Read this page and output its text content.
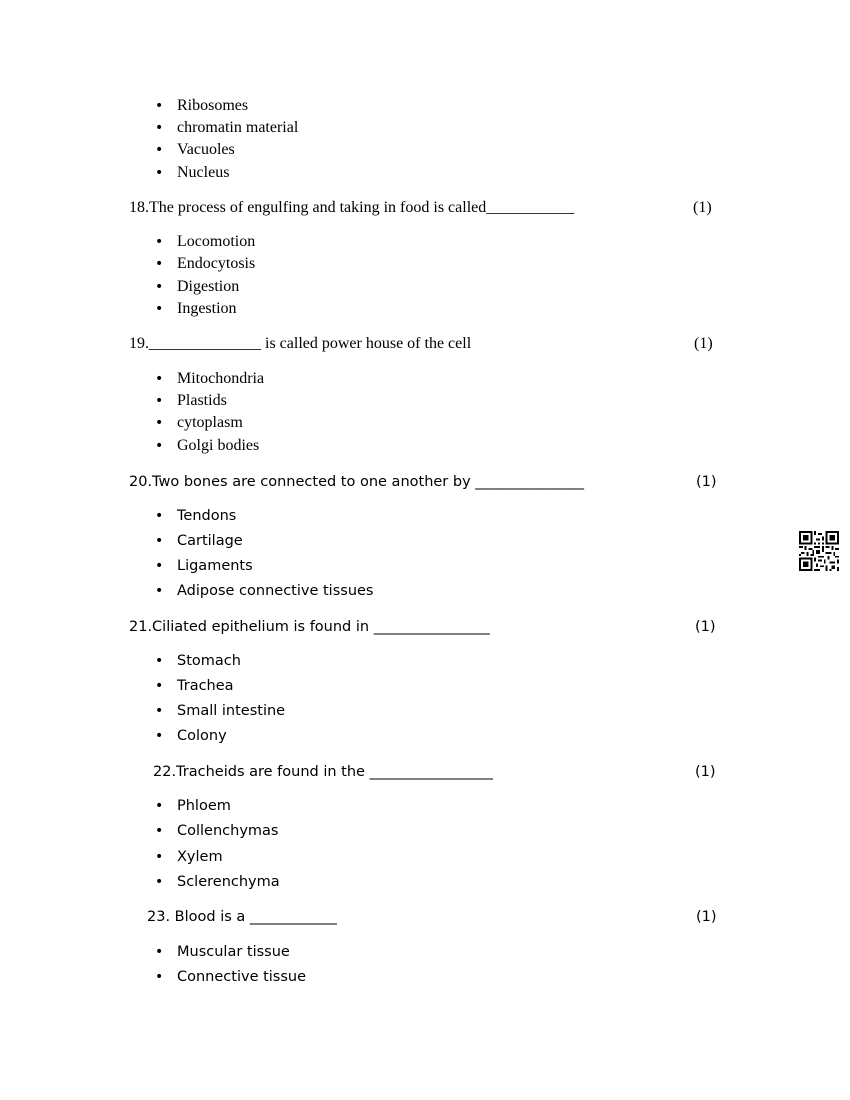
• Ribosomes
• chromatin material
• Vacuoles
• Nucleus
18.The process of engulfing and taking in food is called___________	(1)
• Locomotion
• Endocytosis
• Digestion
• Ingestion
19.______________ is called power house of the cell	(1)
• Mitochondria
• Plastids
• cytoplasm
• Golgi bodies
20.Two bones are connected to one another by _______________	(1)
• Tendons
• Cartilage
• Ligaments
• Adipose connective tissues
21.Ciliated epithelium is found in ________________	(1)
• Stomach
• Trachea
• Small intestine
• Colony
22.Tracheids are found in the _________________	(1)
• Phloem
• Collenchymas
• Xylem
• Sclerenchyma
23. Blood is a ____________	(1)
• Muscular tissue
• Connective tissue
